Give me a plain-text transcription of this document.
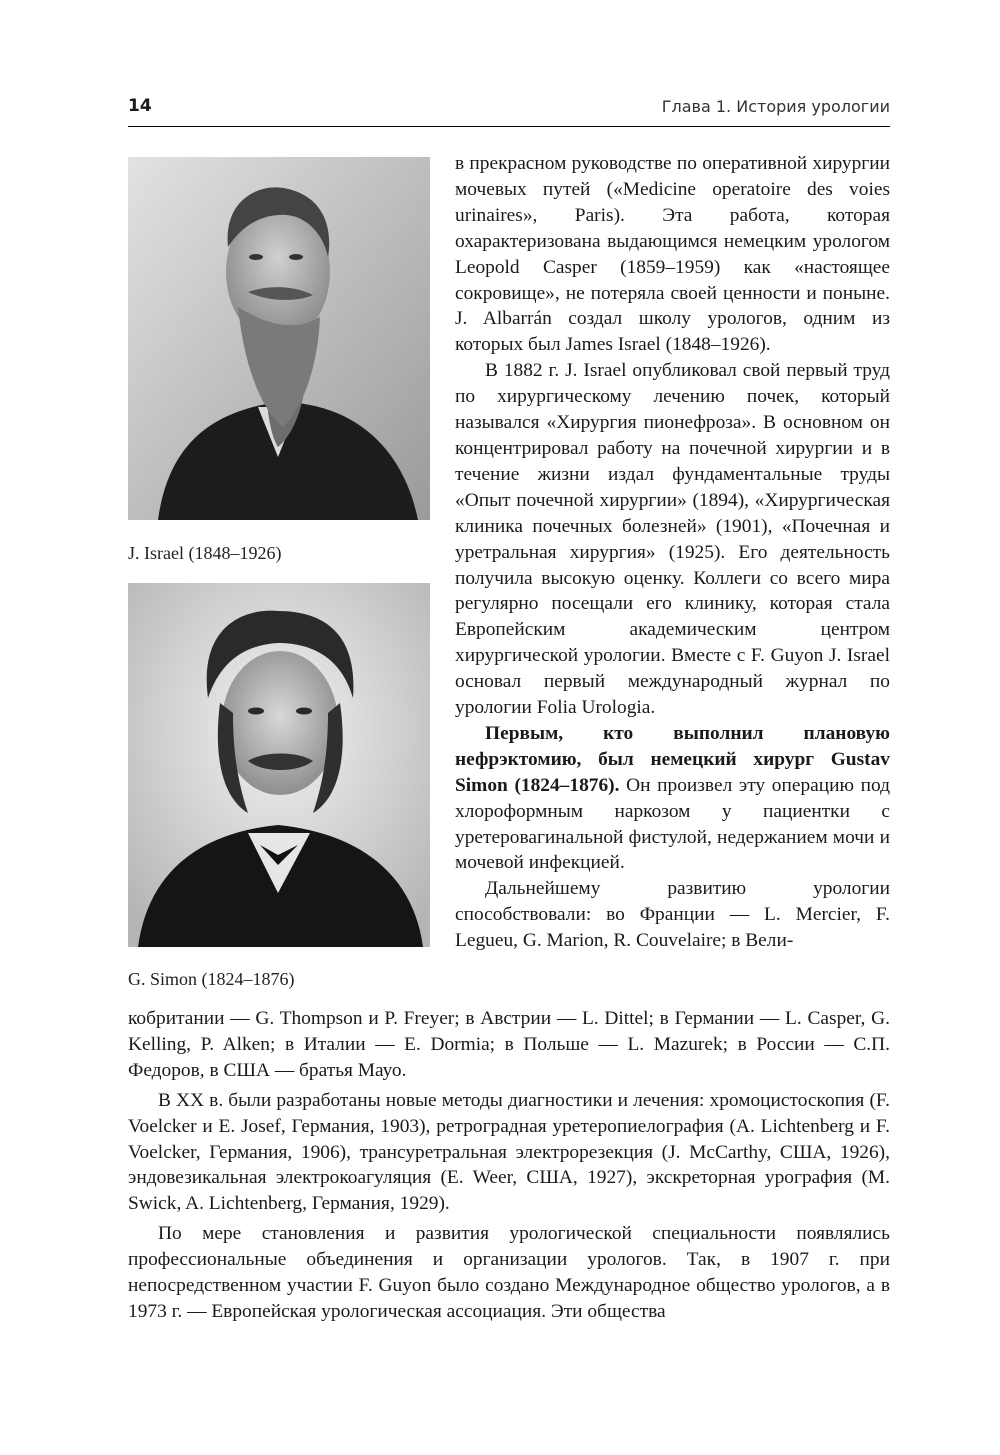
14	Глава 1. История урологии
J. Israel (1848–1926)
G. Simon (1824–1876)

в прекрасном руководстве по оперативной хирургии мочевых путей («Medicine operatoire des voies urinaires», Paris). Эта работа, которая охарактеризована выдающимся немецким урологом Leopold Casper (1859–1959) как «настоящее сокровище», не потеряла своей ценности и поныне. J. Albarrán создал школу урологов, одним из которых был James Israel (1848–1926).

В 1882 г. J. Israel опубликовал свой первый труд по хирургическому лечению почек, который назывался «Хирургия пионефроза». В основном он концентрировал работу на почечной хирургии и в течение жизни издал фундаментальные труды «Опыт почечной хирургии» (1894), «Хирургическая клиника почечных болезней» (1901), «Почечная и уретральная хирургия» (1925). Его деятельность получила высокую оценку. Коллеги со всего мира регулярно посещали его клинику, которая стала Европейским академическим центром хирургической урологии. Вместе с F. Guyon J. Israel основал первый международный журнал по урологии Folia Urologia.

Первым, кто выполнил плановую нефрэктомию, был немецкий хирург Gustav Simon (1824–1876). Он произвел эту операцию под хлороформным наркозом у пациентки с уретеровагинальной фистулой, недержанием мочи и мочевой инфекцией.

Дальнейшему развитию урологии способствовали: во Франции — L. Mercier, F. Legueu, G. Marion, R. Couvelaire; в Вели-

кобритании — G. Thompson и P. Freyer; в Австрии — L. Dittel; в Германии — L. Casper, G. Kelling, P. Alken; в Италии — E. Dormia; в Польше — L. Mazurek; в России — С.П. Федоров, в США — братья Мауо.

В XX в. были разработаны новые методы диагностики и лечения: хромоцистоскопия (F. Voelcker и E. Josef, Германия, 1903), ретроградная уретеропиелография (A. Lichtenberg и F. Voelcker, Германия, 1906), трансуретральная электрорезекция (J. McCarthy, США, 1926), эндовезикальная электрокоагуляция (E. Weer, США, 1927), экскреторная урография (M. Swick, A. Lichtenberg, Германия, 1929).

По мере становления и развития урологической специальности появлялись профессиональные объединения и организации урологов. Так, в 1907 г. при непосредственном участии F. Guyon было создано Международное общество урологов, а в 1973 г. — Европейская урологическая ассоциация. Эти общества
